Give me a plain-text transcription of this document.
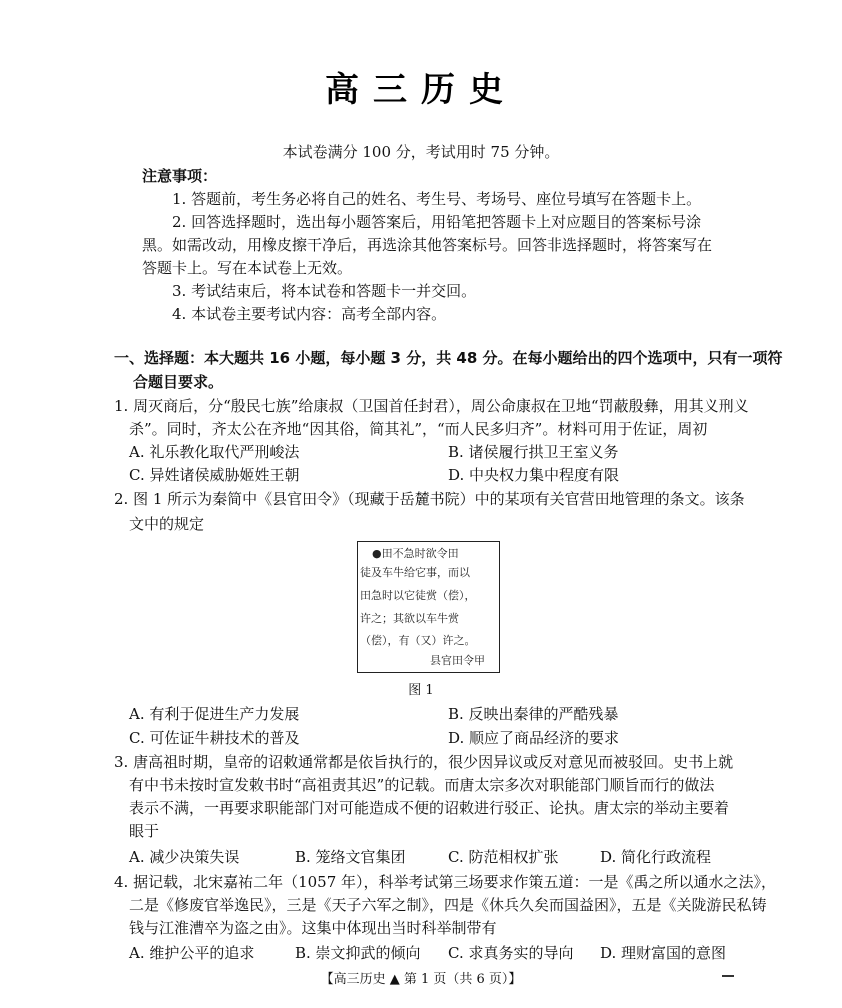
高三历史
本试卷满分 100 分，考试用时 75 分钟。
注意事项：
1. 答题前，考生务必将自己的姓名、考生号、考场号、座位号填写在答题卡上。
2. 回答选择题时，选出每小题答案后，用铅笔把答题卡上对应题目的答案标号涂
黑。如需改动，用橡皮擦干净后，再选涂其他答案标号。回答非选择题时，将答案写在
答题卡上。写在本试卷上无效。
3. 考试结束后，将本试卷和答题卡一并交回。
4. 本试卷主要考试内容：高考全部内容。
一、选择题：本大题共 16 小题，每小题 3 分，共 48 分。在每小题给出的四个选项中，只有一项符
合题目要求。
1. 周灭商后，分“殷民七族”给康叔（卫国首任封君），周公命康叔在卫地“罚蔽殷彝，用其义刑义
杀”。同时，齐太公在齐地“因其俗，简其礼”，“而人民多归齐”。材料可用于佐证，周初
A. 礼乐教化取代严刑峻法	B. 诸侯履行拱卫王室义务
C. 异姓诸侯威胁姬姓王朝	D. 中央权力集中程度有限
2. 图 1 所示为秦简中《县官田令》（现藏于岳麓书院）中的某项有关官营田地管理的条文。该条
文中的规定
●田不急时欲令田
徒及车牛给它事，而以
田急时以它徒赏（偿），
许之；其欲以车牛赏
（偿），有（又）许之。
县官田令甲
图 1
A. 有利于促进生产力发展	B. 反映出秦律的严酷残暴
C. 可佐证牛耕技术的普及	D. 顺应了商品经济的要求
3. 唐高祖时期，皇帝的诏敕通常都是依旨执行的，很少因异议或反对意见而被驳回。史书上就
有中书未按时宣发敕书时“高祖责其迟”的记载。而唐太宗多次对职能部门顺旨而行的做法
表示不满，一再要求职能部门对可能造成不便的诏敕进行驳正、论执。唐太宗的举动主要着
眼于
A. 减少决策失误	B. 笼络文官集团	C. 防范相权扩张	D. 简化行政流程
4. 据记载，北宋嘉祐二年（1057 年），科举考试第三场要求作策五道：一是《禹之所以通水之法》，
二是《修废官举逸民》，三是《天子六军之制》，四是《休兵久矣而国益困》，五是《关陇游民私铸
钱与江淮漕卒为盗之由》。这集中体现出当时科举制带有
A. 维护公平的追求	B. 崇文抑武的倾向 C. 求真务实的导向 D. 理财富国的意图
【高三历史 ▲ 第 1 页（共 6 页）】
